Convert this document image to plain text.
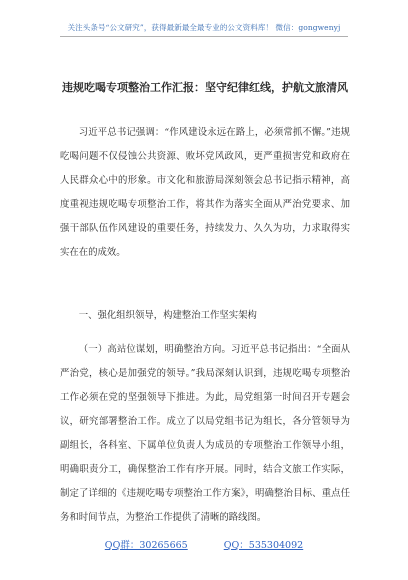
关注头条号“公文研究”，获得最新最全最专业的公文资料库！ 微信：gongwenyj
违规吃喝专项整治工作汇报：坚守纪律红线，护航文旅清风

习近平总书记强调：“作风建设永远在路上，必须常抓不懈。”违规吃喝问题不仅侵蚀公共资源、败坏党风政风，更严重损害党和政府在人民群众心中的形象。市文化和旅游局深刻领会总书记指示精神，高度重视违规吃喝专项整治工作，将其作为落实全面从严治党要求、加强干部队伍作风建设的重要任务，持续发力、久久为功，力求取得实实在在的成效。

一、强化组织领导，构建整治工作坚实架构

（一）高站位谋划，明确整治方向。习近平总书记指出：“全面从严治党，核心是加强党的领导。”我局深刻认识到，违规吃喝专项整治工作必须在党的坚强领导下推进。为此，局党组第一时间召开专题会议，研究部署整治工作。成立了以局党组书记为组长，各分管领导为副组长，各科室、下属单位负责人为成员的专项整治工作领导小组，明确职责分工，确保整治工作有序开展。同时，结合文旅工作实际，制定了详细的《违规吃喝专项整治工作方案》，明确整治目标、重点任务和时间节点，为整治工作提供了清晰的路线图。

QQ群：30265665	QQ：535304092
